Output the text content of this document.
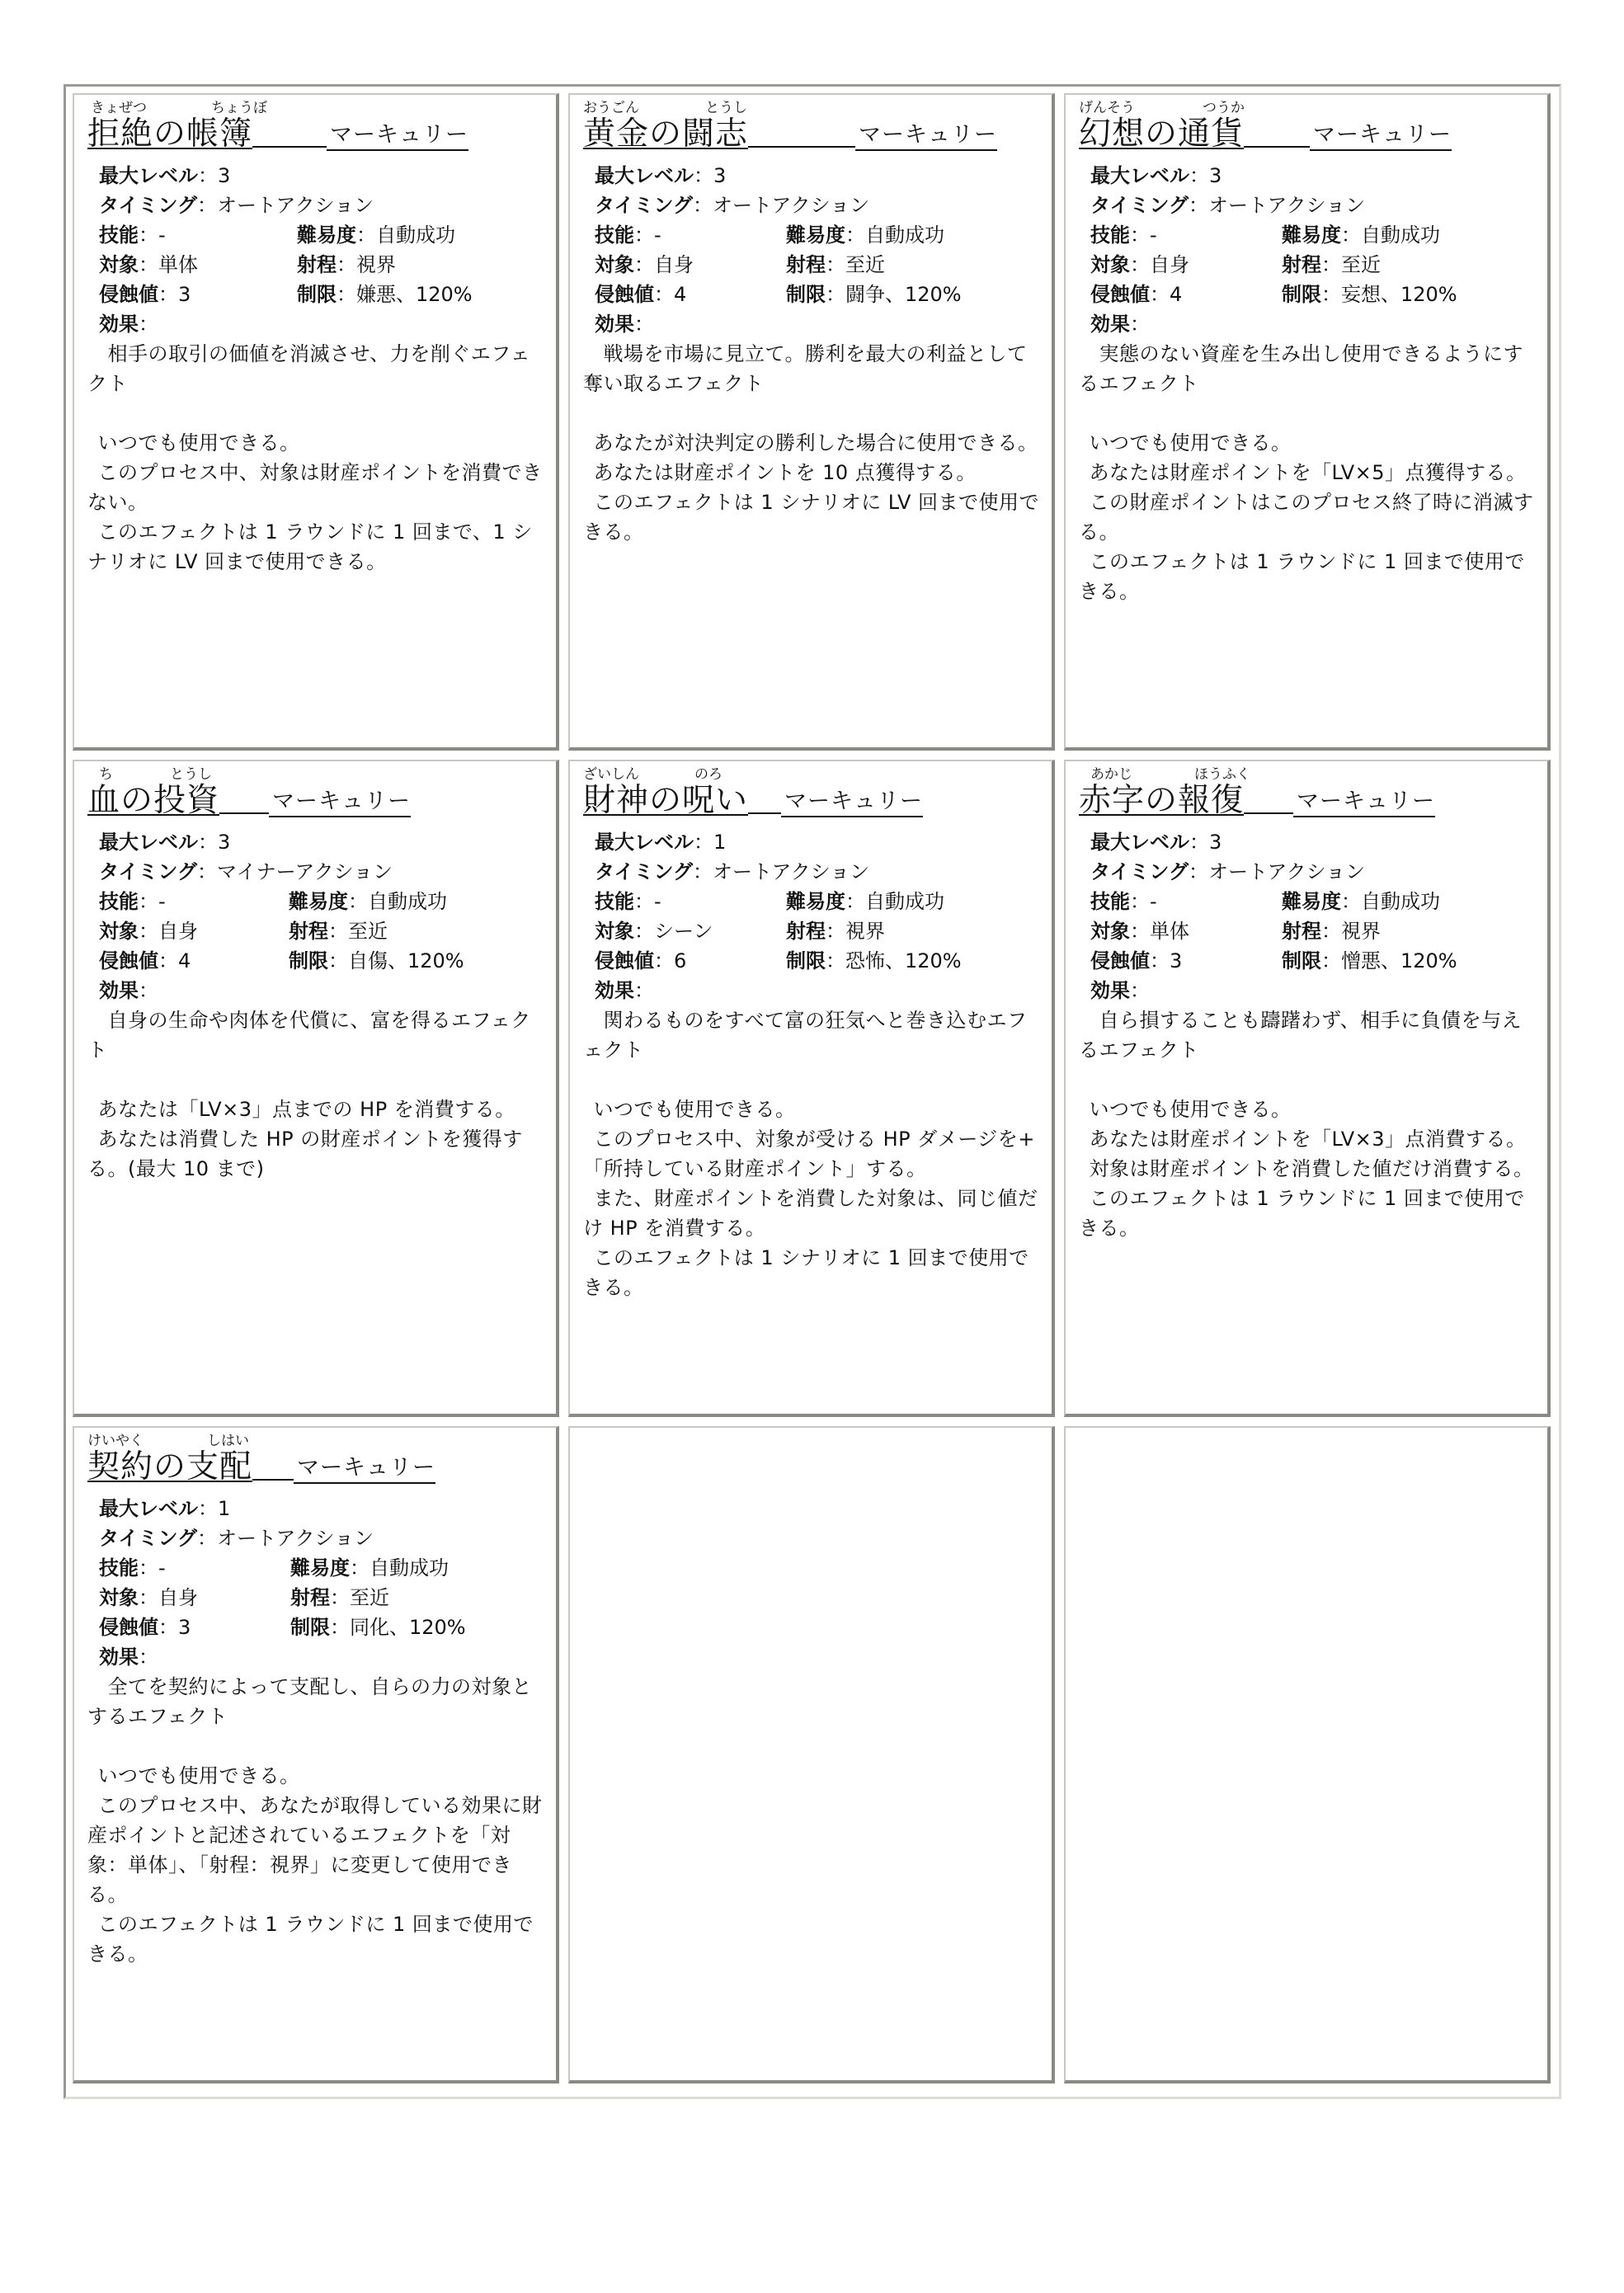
きょぜつ	ちょうぼ
拒絶の帳簿	マーキュリー
最大レベル：3
タイミング：オートアクション
技能：-	難易度：自動成功
対象：単体	射程：視界
侵蝕値：3	制限：嫌悪、120%
効果：

　相手の取引の価値を消滅させ、力を削ぐエフェクト

 いつでも使用できる。

 このプロセス中、対象は財産ポイントを消費できない。

 このエフェクトは 1 ラウンドに 1 回まで、1 シナリオに LV 回まで使用できる。

おうごん	とうし
黄金の闘志	マーキュリー
最大レベル：3
タイミング：オートアクション
技能：-	難易度：自動成功
対象：自身	射程：至近
侵蝕値：4	制限：闘争、120%
効果：

　戦場を市場に見立て。勝利を最大の利益として奪い取るエフェクト

 あなたが対決判定の勝利した場合に使用できる。

 あなたは財産ポイントを 10 点獲得する。

 このエフェクトは 1 シナリオに LV 回まで使用できる。

げんそう	つうか
幻想の通貨	マーキュリー
最大レベル：3
タイミング：オートアクション
技能：-	難易度：自動成功
対象：自身	射程：至近
侵蝕値：4	制限：妄想、120%
効果：

　実態のない資産を生み出し使用できるようにするエフェクト

 いつでも使用できる。

 あなたは財産ポイントを「LV×5」点獲得する。

 この財産ポイントはこのプロセス終了時に消滅する。

 このエフェクトは 1 ラウンドに 1 回まで使用できる。

ち	とうし
血の投資 マーキュリー
最大レベル：3
タイミング：マイナーアクション
技能：-	難易度：自動成功
対象：自身	射程：至近
侵蝕値：4	制限：自傷、120%
効果：

　自身の生命や肉体を代償に、富を得るエフェクト

 あなたは「LV×3」点までの HP を消費する。

 あなたは消費した HP の財産ポイントを獲得する。(最大 10 まで)

ざいしん	のろ
財神の呪い マーキュリー
最大レベル：1
タイミング：オートアクション
技能：-	難易度：自動成功
対象：シーン	射程：視界
侵蝕値：6	制限：恐怖、120%
効果：

　関わるものをすべて富の狂気へと巻き込むエフェクト

 いつでも使用できる。

 このプロセス中、対象が受ける HP ダメージを+「所持している財産ポイント」する。

 また、財産ポイントを消費した対象は、同じ値だけ HP を消費する。

 このエフェクトは 1 シナリオに 1 回まで使用できる。

あかじ	ほうふく
赤字の報復 マーキュリー
最大レベル：3
タイミング：オートアクション
技能：-	難易度：自動成功
対象：単体	射程：視界
侵蝕値：3	制限：憎悪、120%
効果：

　自ら損することも躊躇わず、相手に負債を与えるエフェクト

 いつでも使用できる。

 あなたは財産ポイントを「LV×3」点消費する。

 対象は財産ポイントを消費した値だけ消費する。

 このエフェクトは 1 ラウンドに 1 回まで使用できる。

けいやく	しはい
契約の支配 マーキュリー
最大レベル：1
タイミング：オートアクション
技能：-	難易度：自動成功
対象：自身	射程：至近
侵蝕値：3	制限：同化、120%
効果：

　全てを契約によって支配し、自らの力の対象とするエフェクト

 いつでも使用できる。

 このプロセス中、あなたが取得している効果に財産ポイントと記述されているエフェクトを「対象：単体」、「射程：視界」に変更して使用できる。

 このエフェクトは 1 ラウンドに 1 回まで使用できる。
